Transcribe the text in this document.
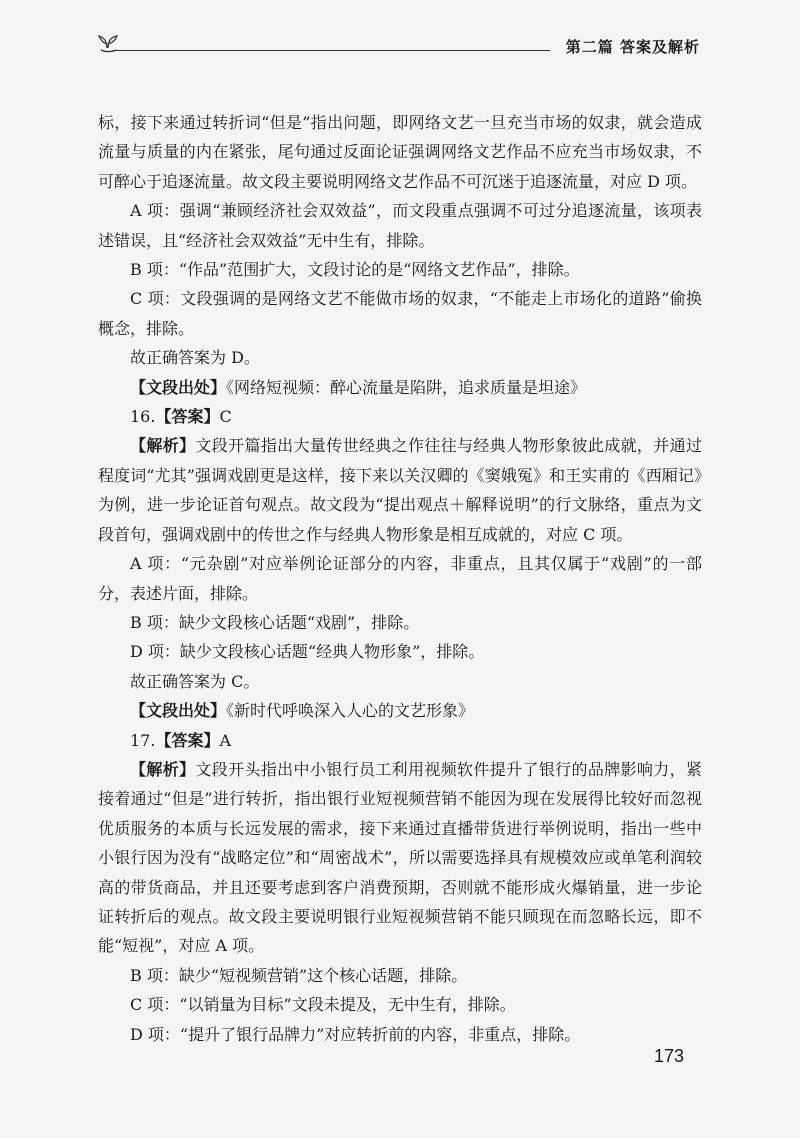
第二篇 答案及解析

标，接下来通过转折词“但是”指出问题，即网络文艺一旦充当市场的奴隶，就会造成流量与质量的内在紧张，尾句通过反面论证强调网络文艺作品不应充当市场奴隶，不可醉心于追逐流量。故文段主要说明网络文艺作品不可沉迷于追逐流量，对应 D 项。

A 项：强调“兼顾经济社会双效益”，而文段重点强调不可过分追逐流量，该项表述错误，且“经济社会双效益”无中生有，排除。

B 项：“作品”范围扩大，文段讨论的是“网络文艺作品”，排除。

C 项：文段强调的是网络文艺不能做市场的奴隶，“不能走上市场化的道路”偷换概念，排除。

故正确答案为 D。

【文段出处】《网络短视频：醉心流量是陷阱，追求质量是坦途》

16.【答案】C

【解析】文段开篇指出大量传世经典之作往往与经典人物形象彼此成就，并通过程度词“尤其”强调戏剧更是这样，接下来以关汉卿的《窦娥冤》和王实甫的《西厢记》为例，进一步论证首句观点。故文段为“提出观点＋解释说明”的行文脉络，重点为文段首句，强调戏剧中的传世之作与经典人物形象是相互成就的，对应 C 项。

A 项：“元杂剧”对应举例论证部分的内容，非重点，且其仅属于“戏剧”的一部分，表述片面，排除。

B 项：缺少文段核心话题“戏剧”，排除。

D 项：缺少文段核心话题“经典人物形象”，排除。

故正确答案为 C。

【文段出处】《新时代呼唤深入人心的文艺形象》

17.【答案】A

【解析】文段开头指出中小银行员工利用视频软件提升了银行的品牌影响力，紧接着通过“但是”进行转折，指出银行业短视频营销不能因为现在发展得比较好而忽视优质服务的本质与长远发展的需求，接下来通过直播带货进行举例说明，指出一些中小银行因为没有“战略定位”和“周密战术”，所以需要选择具有规模效应或单笔利润较高的带货商品，并且还要考虑到客户消费预期，否则就不能形成火爆销量，进一步论证转折后的观点。故文段主要说明银行业短视频营销不能只顾现在而忽略长远，即不能“短视”，对应 A 项。

B 项：缺少“短视频营销”这个核心话题，排除。

C 项：“以销量为目标”文段未提及，无中生有，排除。

D 项：“提升了银行品牌力”对应转折前的内容，非重点，排除。

173
